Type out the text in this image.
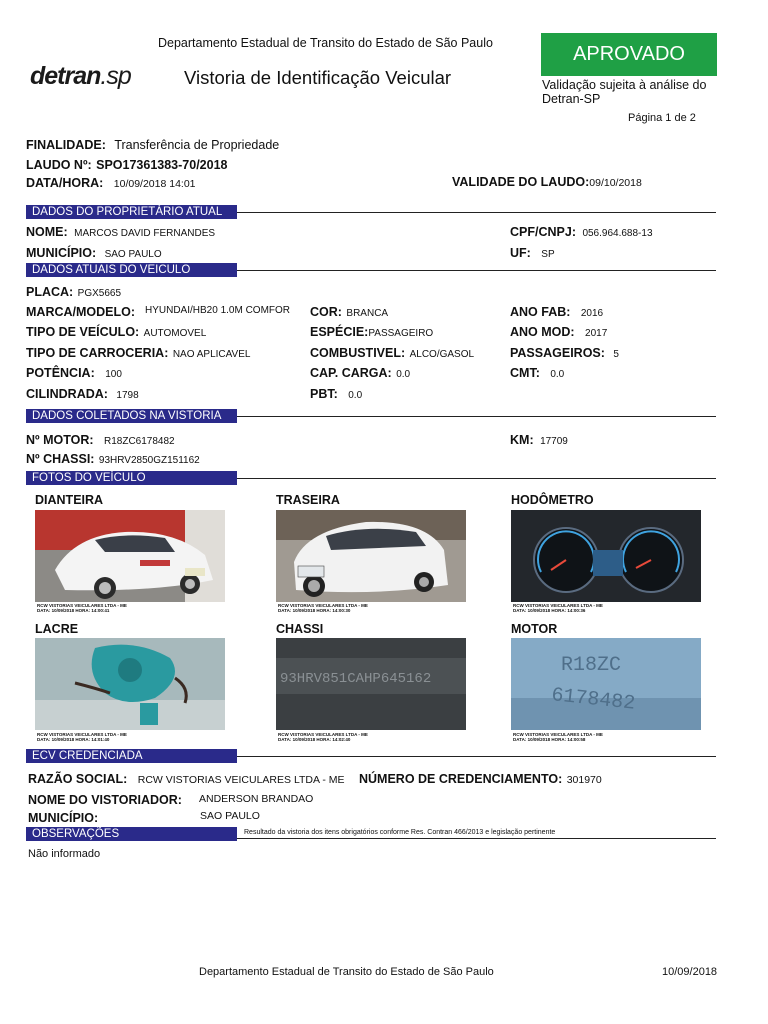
Departamento Estadual de Transito do Estado de São Paulo
detran.sp	Vistoria de Identificação Veicular
APROVADO
Validação sujeita à análise do Detran-SP
Página 1 de 2
FINALIDADE: Transferência de Propriedade
LAUDO Nº: SPO17361383-70/2018
DATA/HORA: 10/09/2018 14:01	VALIDADE DO LAUDO:09/10/2018
DADOS DO PROPRIETÁRIO ATUAL
NOME: MARCOS DAVID FERNANDES	CPF/CNPJ: 056.964.688-13
MUNICÍPIO: SAO PAULO	UF: SP
DADOS ATUAIS DO VEICULO
PLACA: PGX5665
MARCA/MODELO: HYUNDAI/HB20 1.0M COMFOR COR: BRANCA	ANO FAB: 2016
TIPO DE VEÍCULO: AUTOMOVEL	ESPÉCIE:PASSAGEIRO	ANO MOD: 2017
TIPO DE CARROCERIA: NAO APLICAVEL	COMBUSTIVEL: ALCO/GASOL	PASSAGEIROS: 5
POTÊNCIA: 100	CAP. CARGA: 0.0	CMT: 0.0
CILINDRADA: 1798	PBT: 0.0
DADOS COLETADOS NA VISTORIA
Nº MOTOR: R18ZC6178482	KM: 17709
Nº CHASSI: 93HRV2850GZ151162
FOTOS DO VEÍCULO
DIANTEIRA	TRASEIRA	HODÔMETRO
RCW VISTORIAS VEICULARES LTDA - ME
DATA: 10/09/2018 HORA: 14:00:41
RCW VISTORIAS VEICULARES LTDA - ME
DATA: 10/09/2018 HORA: 14:00:30
RCW VISTORIAS VEICULARES LTDA - ME
DATA: 10/09/2018 HORA: 14:00:36
LACRE	CHASSI	MOTOR
RCW VISTORIAS VEICULARES LTDA - ME
DATA: 10/09/2018 HORA: 14:01:40
93HRV851CAHP645162
RCW VISTORIAS VEICULARES LTDA - ME
DATA: 10/09/2018 HORA: 14:02:40
R18ZC
6178482
RCW VISTORIAS VEICULARES LTDA - ME
DATA: 10/09/2018 HORA: 14:00:58
ECV CREDENCIADA
RAZÃO SOCIAL: RCW VISTORIAS VEICULARES LTDA - ME NÚMERO DE CREDENCIAMENTO: 301970
NOME DO VISTORIADOR: ANDERSON BRANDAO
MUNICÍPIO:	SAO PAULO
OBSERVAÇÕES	Resultado da vistoria dos itens obrigatórios conforme Res. Contran 466/2013 e legislação pertinente
Não informado
Departamento Estadual de Transito do Estado de São Paulo	10/09/2018
